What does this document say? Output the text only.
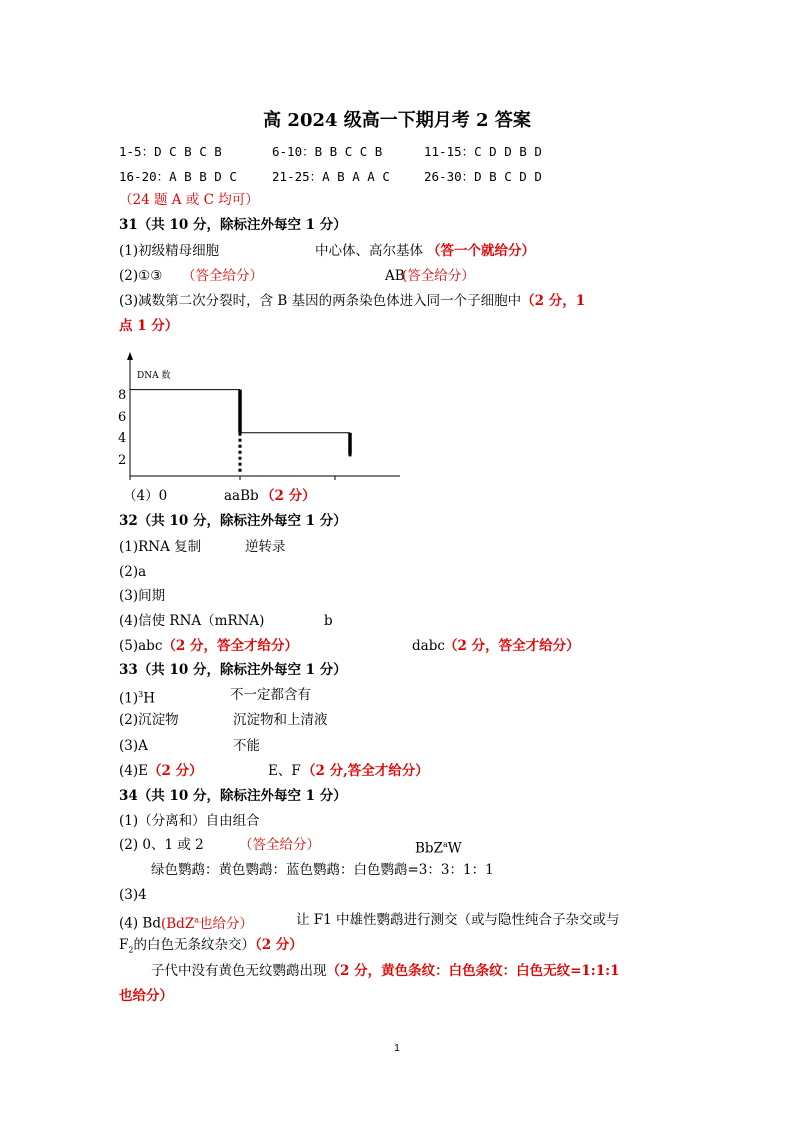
高 2024 级高一下期月考 2 答案
1-5：D C B C B	6-10：B B C C B	11-15：C D D B D
16-20：A B B D C	21-25：A B A A C	26-30：D B C D D
（24 题 A 或 C 均可）
31（共 10 分，除标注外每空 1 分）
(1)初级精母细胞	中心体、高尔基体 （答一个就给分）
(2)①③ （答全给分）	AB
(答全给分）
(3)减数第二次分裂时，含 B 基因的两条染色体进入同一个子细胞中（2 分，1
点 1 分）
DNA 数
8
6
4
2
（4）0	aaBb （2 分）
32（共 10 分，除标注外每空 1 分）
(1)RNA 复制	逆转录
(2)a
(3)间期
(4)信使 RNA（mRNA)	b
(5)abc（2 分，答全才给分）	dabc （2 分，答全才给分）
33（共 10 分，除标注外每空 1 分）
$(1)^3H$	不一定都含有
(2)沉淀物	沉淀物和上清液
(3)A	不能
(4)E（2 分）	E、F （2 分,答全才给分）
34（共 10 分，除标注外每空 1 分）
(1)（分离和）自由组合
(2) 0、1 或 2	（答全给分）	BbZ$^a$W
绿色鹦鹉：黄色鹦鹉：蓝色鹦鹉：白色鹦鹉=3：3：1：1
(3)4
(4) Bd(BdZ$^a$也给分）	让 F1 中雄性鹦鹉进行测交（或与隐性纯合子杂交或与
$F_2$的白色无条纹杂交）（2 分）
子代中没有黄色无纹鹦鹉出现（2 分，黄色条纹：白色条纹：白色无纹=1:1:1
也给分）
1
